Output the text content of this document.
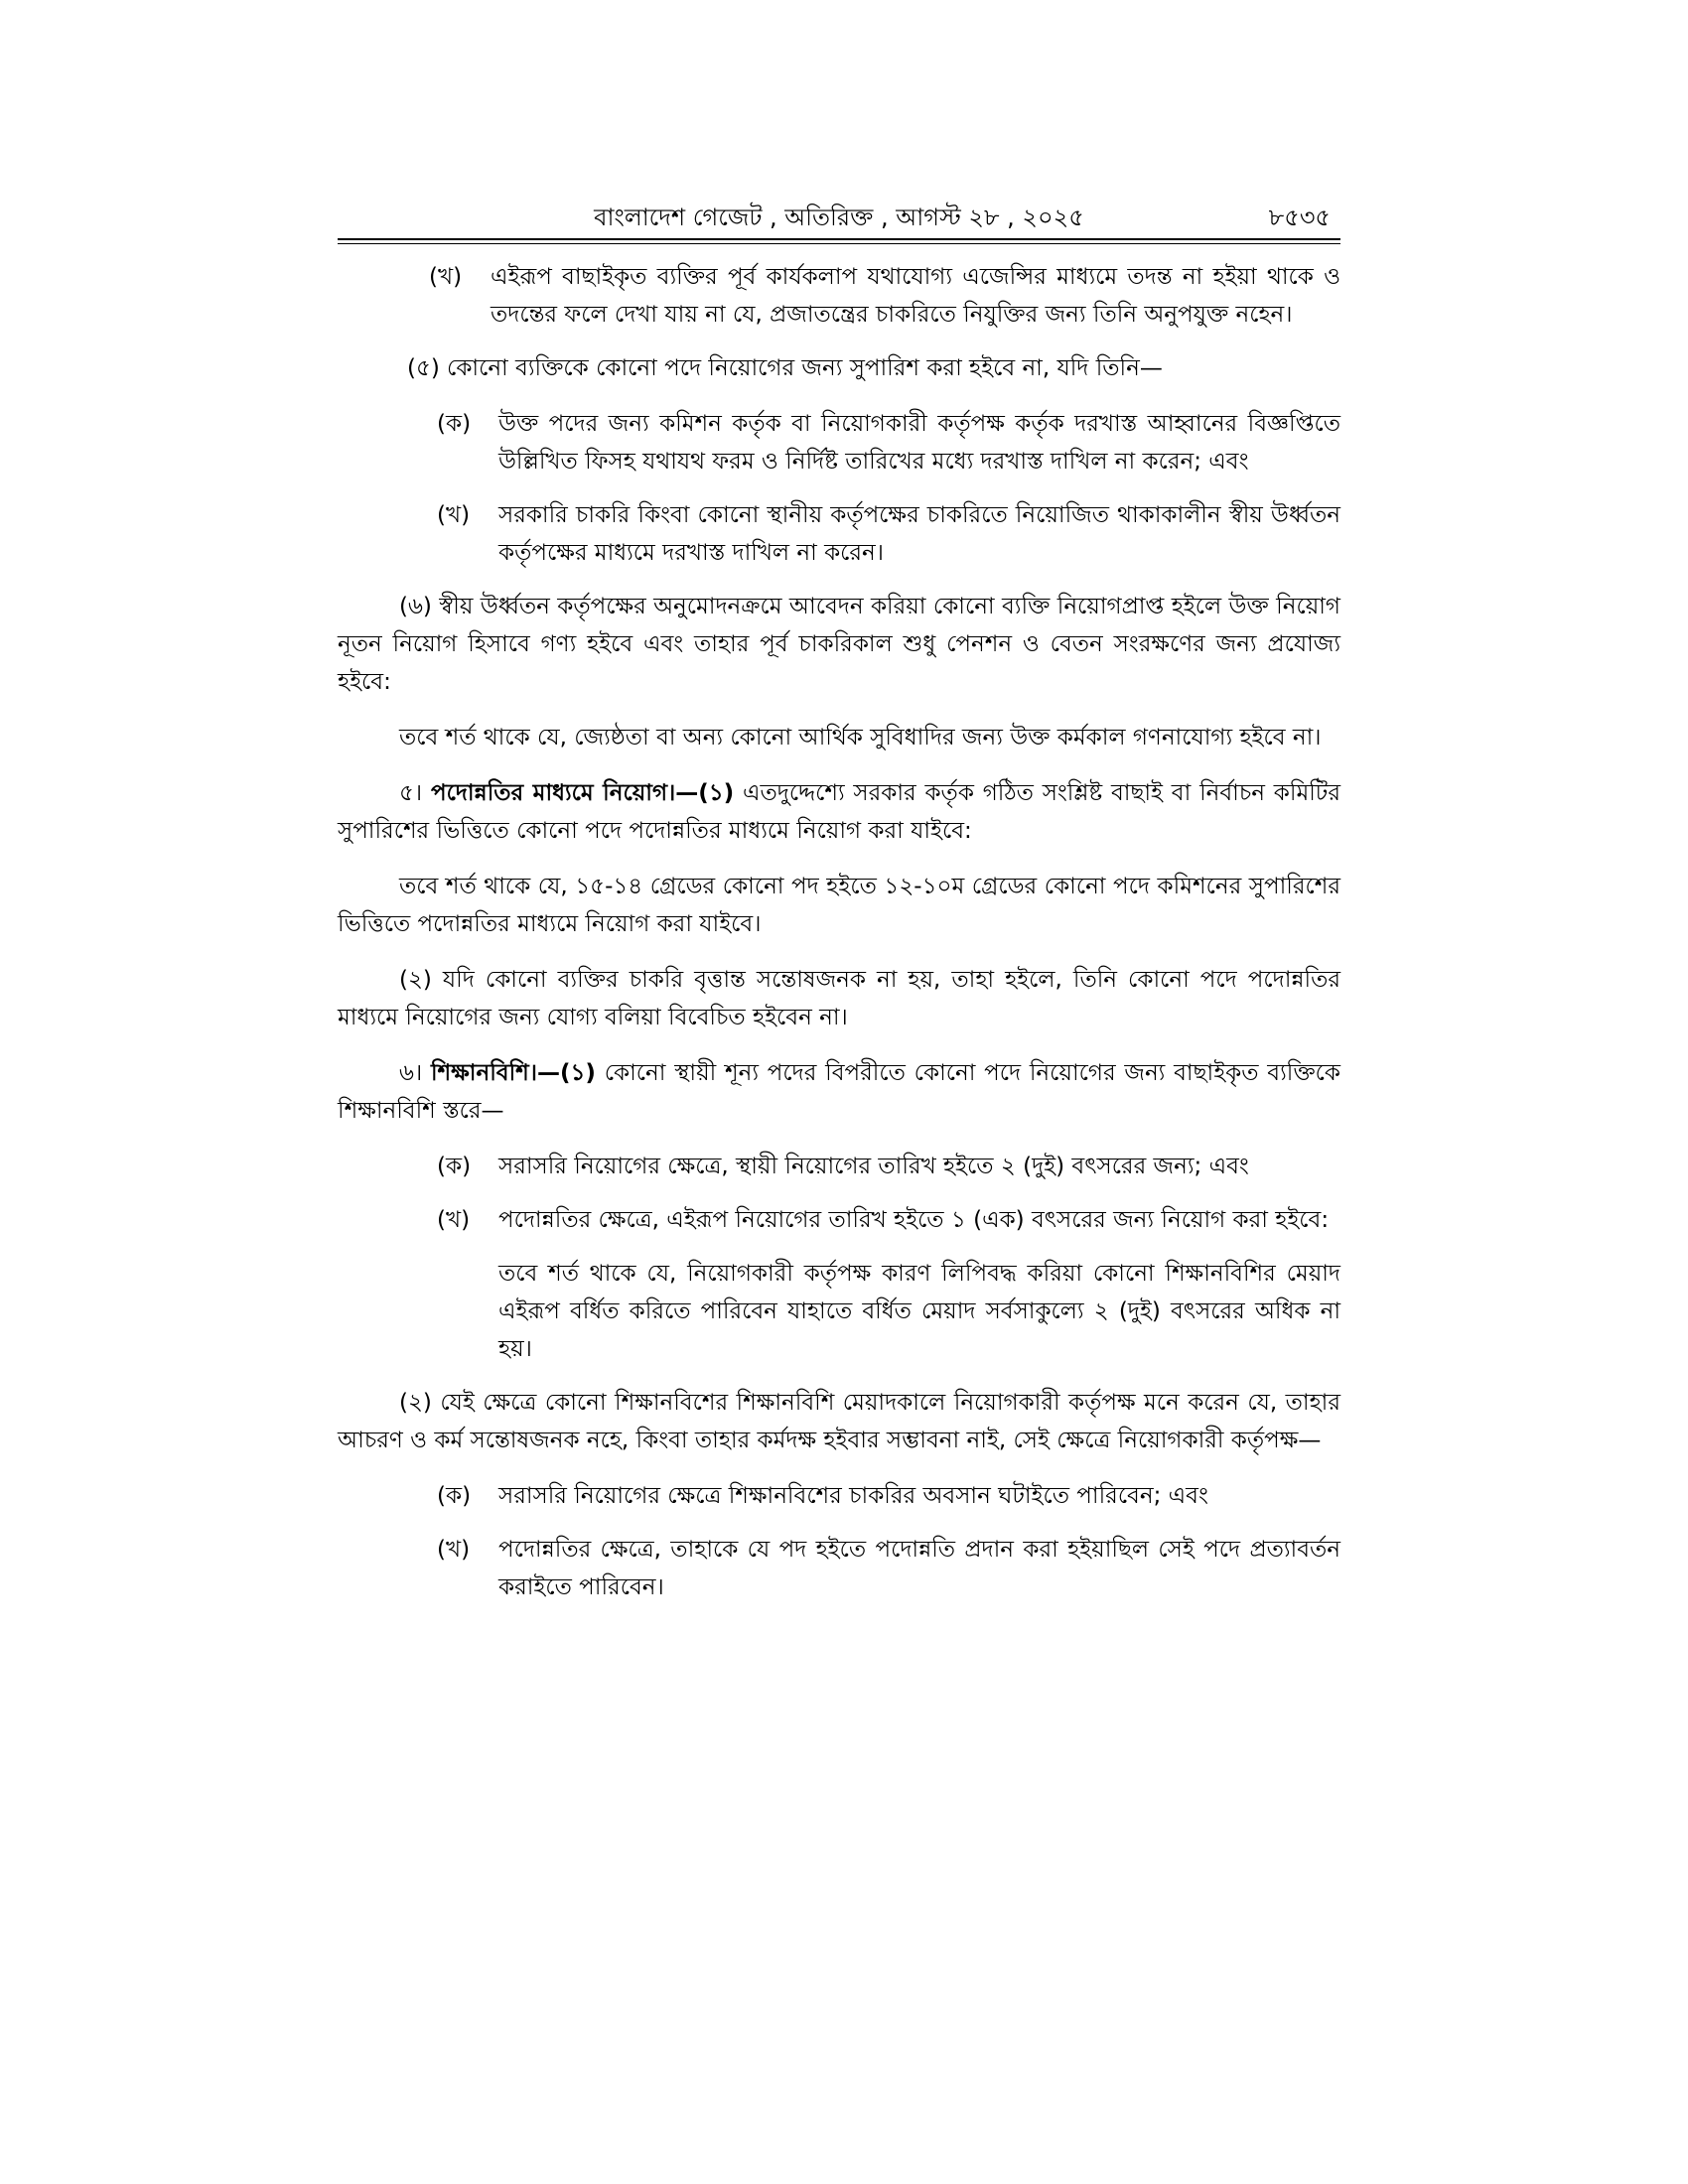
বাংলাদেশ গেজেট , অতিরিক্ত , আগস্ট ২৮ , ২০২৫	৮৫৩৫
(খ)	এইরূপ বাছাইকৃত ব্যক্তির পূর্ব কার্যকলাপ যথাযোগ্য এজেন্সির মাধ্যমে তদন্ত না হইয়া থাকে ও তদন্তের ফলে দেখা যায় না যে, প্রজাতন্ত্রের চাকরিতে নিযুক্তির জন্য তিনি অনুপযুক্ত নহেন।
(৫) কোনো ব্যক্তিকে কোনো পদে নিয়োগের জন্য সুপারিশ করা হইবে না, যদি তিনি—
(ক)	উক্ত পদের জন্য কমিশন কর্তৃক বা নিয়োগকারী কর্তৃপক্ষ কর্তৃক দরখাস্ত আহ্বানের বিজ্ঞপ্তিতে উল্লিখিত ফিসহ যথাযথ ফরম ও নির্দিষ্ট তারিখের মধ্যে দরখাস্ত দাখিল না করেন; এবং
(খ)	সরকারি চাকরি কিংবা কোনো স্থানীয় কর্তৃপক্ষের চাকরিতে নিয়োজিত থাকাকালীন স্বীয় উর্ধ্বতন কর্তৃপক্ষের মাধ্যমে দরখাস্ত দাখিল না করেন।

(৬) স্বীয় উর্ধ্বতন কর্তৃপক্ষের অনুমোদনক্রমে আবেদন করিয়া কোনো ব্যক্তি নিয়োগপ্রাপ্ত হইলে উক্ত নিয়োগ নূতন নিয়োগ হিসাবে গণ্য হইবে এবং তাহার পূর্ব চাকরিকাল শুধু পেনশন ও বেতন সংরক্ষণের জন্য প্রযোজ্য হইবে:

তবে শর্ত থাকে যে, জ্যেষ্ঠতা বা অন্য কোনো আর্থিক সুবিধাদির জন্য উক্ত কর্মকাল গণনাযোগ্য হইবে না।

৫। পদোন্নতির মাধ্যমে নিয়োগ।—(১) এতদুদ্দেশ্যে সরকার কর্তৃক গঠিত সংশ্লিষ্ট বাছাই বা নির্বাচন কমিটির সুপারিশের ভিত্তিতে কোনো পদে পদোন্নতির মাধ্যমে নিয়োগ করা যাইবে:

তবে শর্ত থাকে যে, ১৫-১৪ গ্রেডের কোনো পদ হইতে ১২-১০ম গ্রেডের কোনো পদে কমিশনের সুপারিশের ভিত্তিতে পদোন্নতির মাধ্যমে নিয়োগ করা যাইবে।

(২) যদি কোনো ব্যক্তির চাকরি বৃত্তান্ত সন্তোষজনক না হয়, তাহা হইলে, তিনি কোনো পদে পদোন্নতির মাধ্যমে নিয়োগের জন্য যোগ্য বলিয়া বিবেচিত হইবেন না।

৬। শিক্ষানবিশি।—(১) কোনো স্থায়ী শূন্য পদের বিপরীতে কোনো পদে নিয়োগের জন্য বাছাইকৃত ব্যক্তিকে শিক্ষানবিশি স্তরে—

(ক)	সরাসরি নিয়োগের ক্ষেত্রে, স্থায়ী নিয়োগের তারিখ হইতে ২ (দুই) বৎসরের জন্য; এবং
(খ)	পদোন্নতির ক্ষেত্রে, এইরূপ নিয়োগের তারিখ হইতে ১ (এক) বৎসরের জন্য নিয়োগ করা হইবে:
তবে শর্ত থাকে যে, নিয়োগকারী কর্তৃপক্ষ কারণ লিপিবদ্ধ করিয়া কোনো শিক্ষানবিশির মেয়াদ এইরূপ বর্ধিত করিতে পারিবেন যাহাতে বর্ধিত মেয়াদ সর্বসাকুল্যে ২ (দুই) বৎসরের অধিক না হয়।

(২) যেই ক্ষেত্রে কোনো শিক্ষানবিশের শিক্ষানবিশি মেয়াদকালে নিয়োগকারী কর্তৃপক্ষ মনে করেন যে, তাহার আচরণ ও কর্ম সন্তোষজনক নহে, কিংবা তাহার কর্মদক্ষ হইবার সম্ভাবনা নাই, সেই ক্ষেত্রে নিয়োগকারী কর্তৃপক্ষ—

(ক)	সরাসরি নিয়োগের ক্ষেত্রে শিক্ষানবিশের চাকরির অবসান ঘটাইতে পারিবেন; এবং
(খ)	পদোন্নতির ক্ষেত্রে, তাহাকে যে পদ হইতে পদোন্নতি প্রদান করা হইয়াছিল সেই পদে প্রত্যাবর্তন করাইতে পারিবেন।
